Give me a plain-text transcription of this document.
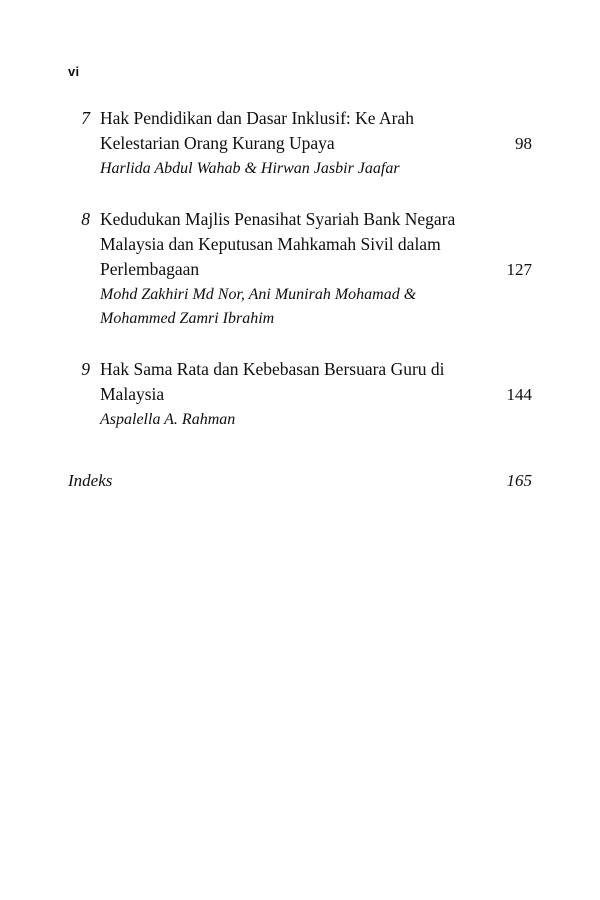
vi
7 Hak Pendidikan dan Dasar Inklusif: Ke Arah Kelestarian Orang Kurang Upaya
Harlida Abdul Wahab & Hirwan Jasbir Jaafar
98
8 Kedudukan Majlis Penasihat Syariah Bank Negara Malaysia dan Keputusan Mahkamah Sivil dalam Perlembagaan
Mohd Zakhiri Md Nor, Ani Munirah Mohamad & Mohammed Zamri Ibrahim
127
9 Hak Sama Rata dan Kebebasan Bersuara Guru di Malaysia
Aspalella A. Rahman
144
Indeks	165
